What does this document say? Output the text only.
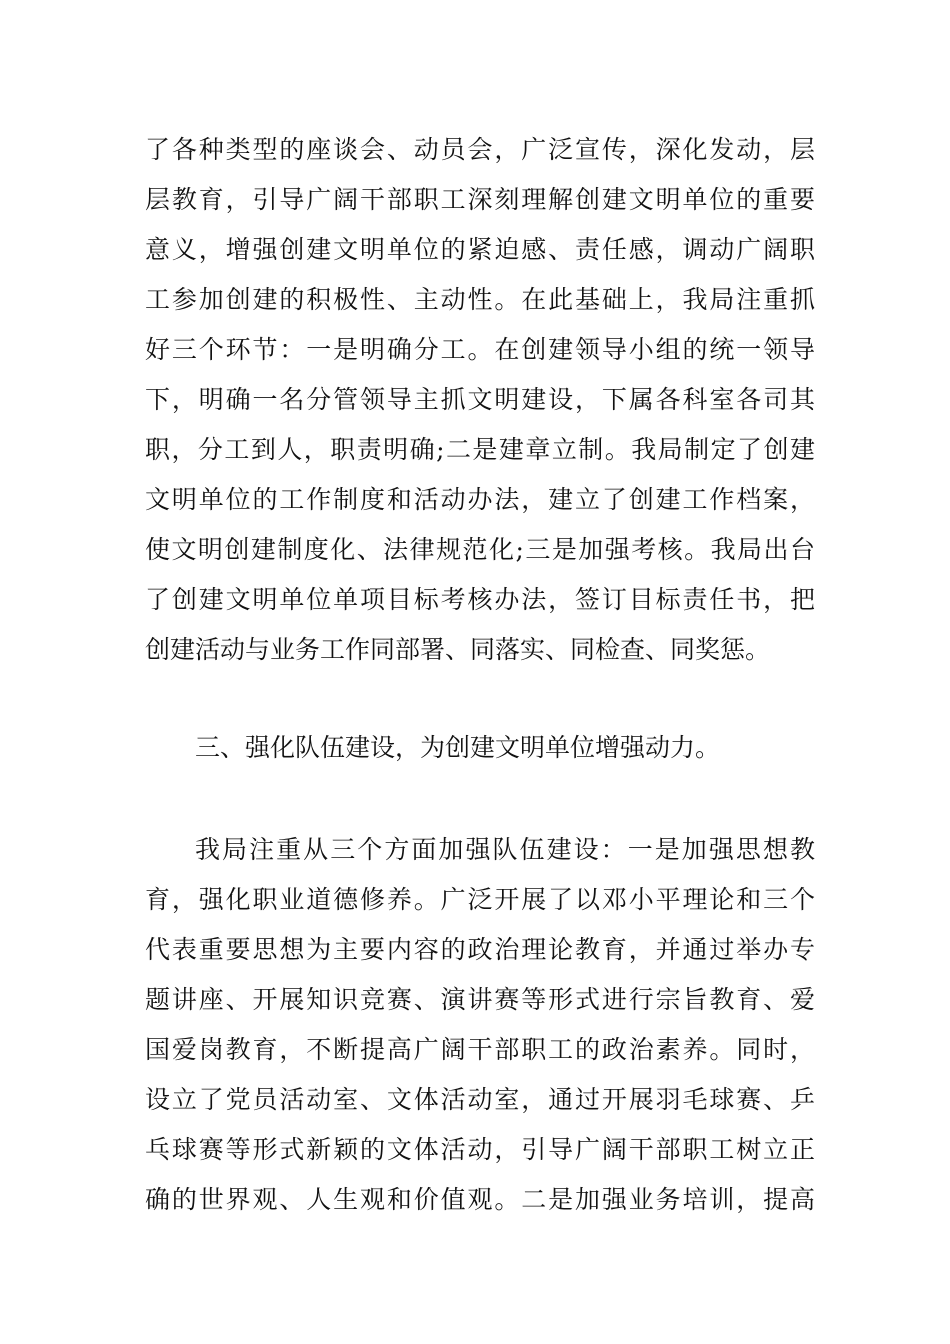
了各种类型的座谈会、动员会，广泛宣传，深化发动，层
层教育，引导广阔干部职工深刻理解创建文明单位的重要
意义，增强创建文明单位的紧迫感、责任感，调动广阔职
工参加创建的积极性、主动性。在此基础上，我局注重抓
好三个环节：一是明确分工。在创建领导小组的统一领导
下，明确一名分管领导主抓文明建设，下属各科室各司其
职，分工到人，职责明确;二是建章立制。我局制定了创建
文明单位的工作制度和活动办法，建立了创建工作档案，
使文明创建制度化、法律规范化;三是加强考核。我局出台
了创建文明单位单项目标考核办法，签订目标责任书，把
创建活动与业务工作同部署、同落实、同检查、同奖惩。
三、强化队伍建设，为创建文明单位增强动力。
我局注重从三个方面加强队伍建设：一是加强思想教
育，强化职业道德修养。广泛开展了以邓小平理论和三个
代表重要思想为主要内容的政治理论教育，并通过举办专
题讲座、开展知识竞赛、演讲赛等形式进行宗旨教育、爱
国爱岗教育，不断提高广阔干部职工的政治素养。同时，
设立了党员活动室、文体活动室，通过开展羽毛球赛、乒
乓球赛等形式新颖的文体活动，引导广阔干部职工树立正
确的世界观、人生观和价值观。二是加强业务培训，提高
